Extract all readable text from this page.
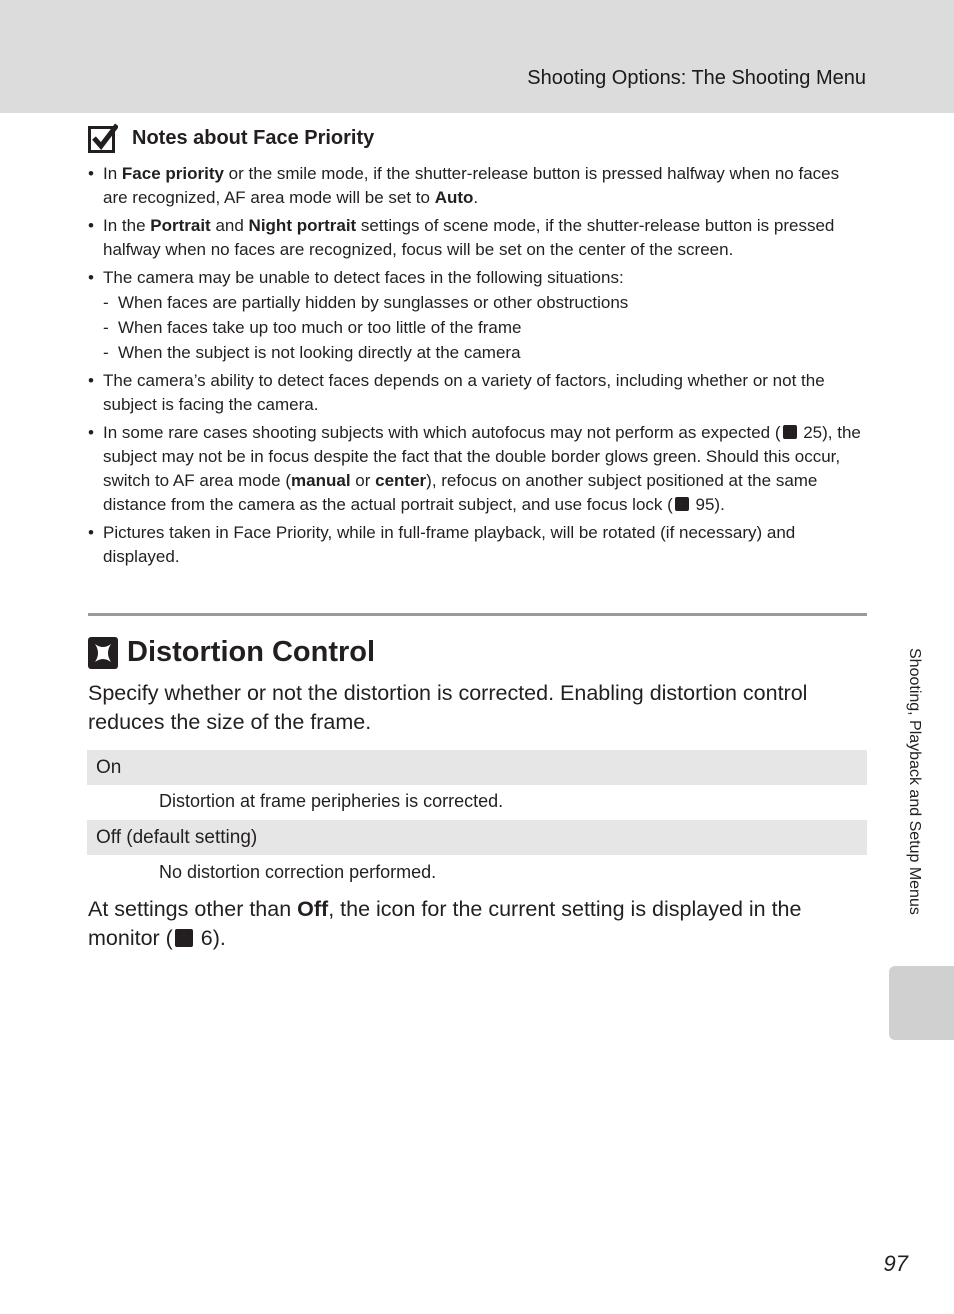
Shooting Options: The Shooting Menu
Notes about Face Priority
• In Face priority or the smile mode, if the shutter-release button is pressed halfway when no faces are recognized, AF area mode will be set to Auto.
• In the Portrait and Night portrait settings of scene mode, if the shutter-release button is pressed halfway when no faces are recognized, focus will be set on the center of the screen.
• The camera may be unable to detect faces in the following situations:
- When faces are partially hidden by sunglasses or other obstructions
- When faces take up too much or too little of the frame
- When the subject is not looking directly at the camera
• The camera’s ability to detect faces depends on a variety of factors, including whether or not the subject is facing the camera.
• In some rare cases shooting subjects with which autofocus may not perform as expected ( 25), the subject may not be in focus despite the fact that the double border glows green. Should this occur, switch to AF area mode (manual or center), refocus on another subject positioned at the same distance from the camera as the actual portrait subject, and use focus lock ( 95).
• Pictures taken in Face Priority, while in full-frame playback, will be rotated (if necessary) and displayed.
Distortion Control

Specify whether or not the distortion is corrected. Enabling distortion control reduces the size of the frame.

On
Distortion at frame peripheries is corrected.
Off (default setting)
No distortion correction performed.

At settings other than Off, the icon for the current setting is displayed in the monitor ( 6).

Shooting, Playback and Setup Menus
97
